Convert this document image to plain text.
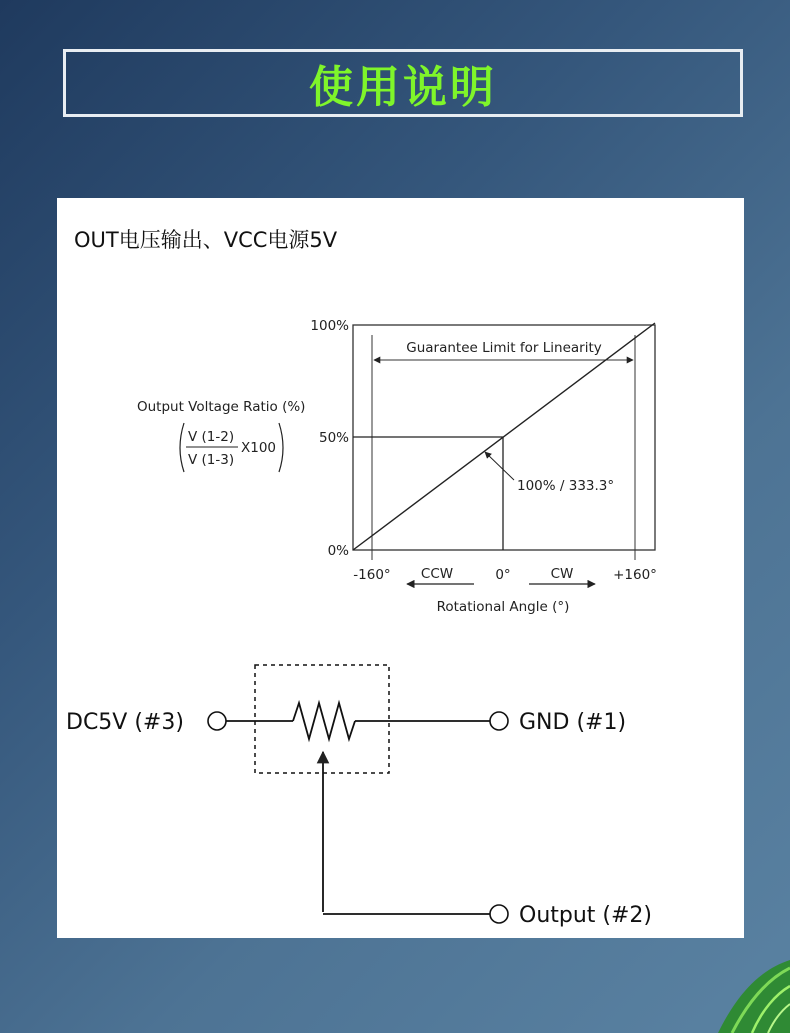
使用说明
OUT电压输出、VCC电源5V
Guarantee Limit for Linearity
100% / 333.3°
100%
50%
0%
-160°	0°	+160°
CCW	CW
Rotational Angle (°)
Output Voltage Ratio (%)
V (1-2)
V (1-3)
X100
DC5V (#3)	GND (#1)
Output (#2)
